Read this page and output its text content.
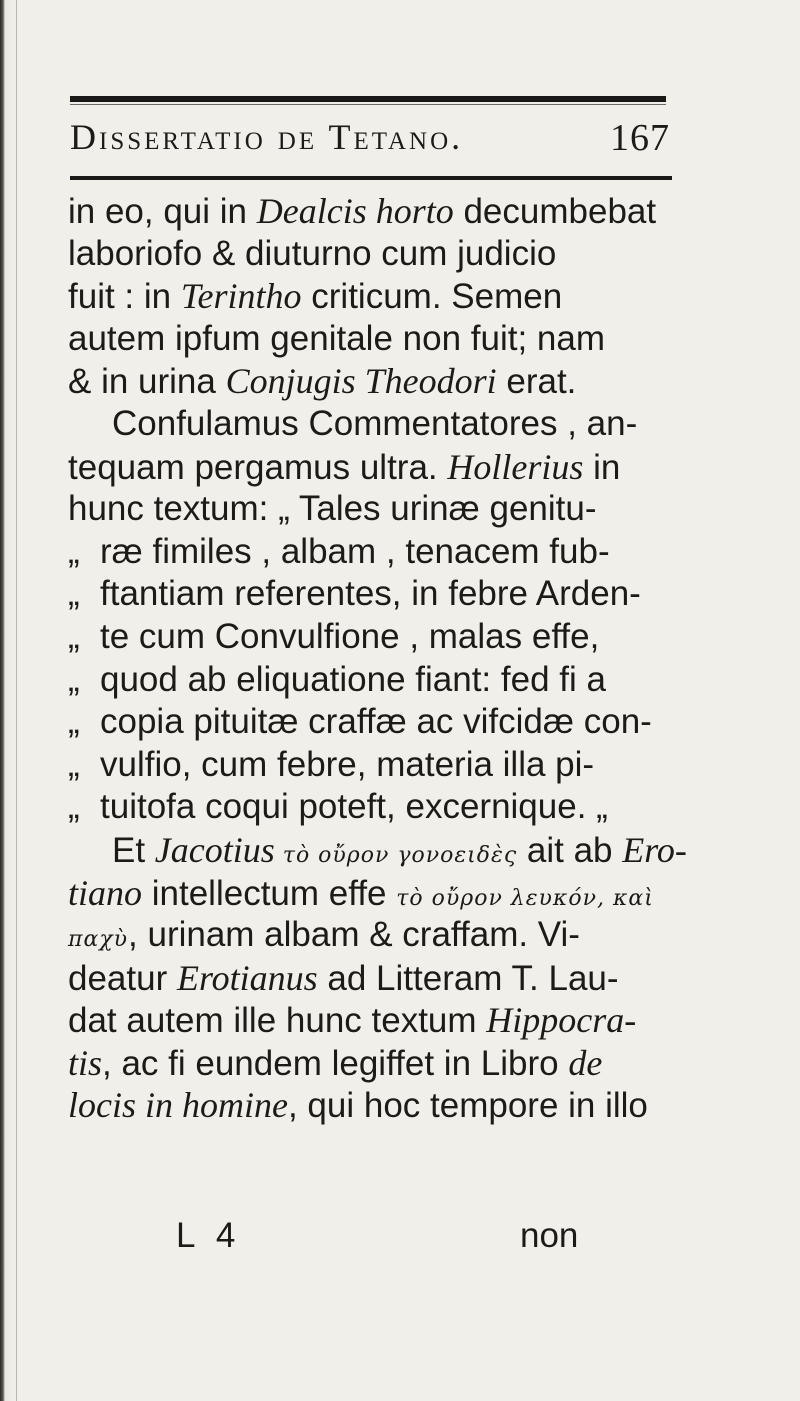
Dissertatio de Tetano.	167
in eo, qui in Dealcis horto decumbebat
laboriofo & diuturno cum judicio
fuit : in Terintho criticum. Semen
autem ipfum genitale non fuit; nam
& in urina Conjugis Theodori erat.
Confulamus Commentatores , an-
tequam pergamus ultra. Hollerius in
hunc textum: „ Tales urinæ genitu-
„ ræ fimiles , albam , tenacem fub-
„ ftantiam referentes, in febre Arden-
„ te cum Convulfione , malas effe,
„ quod ab eliquatione fiant: fed fi a
„ copia pituitæ craffæ ac vifcidæ con-
„ vulfio, cum febre, materia illa pi-
„ tuitofa coqui poteft, excernique. „
Et Jacotius τὸ οὔρον γονοειδὲς ait ab Ero-
tiano intellectum effe τὸ οὔρον λευκόν, καὶ
παχὺ, urinam albam & craffam. Vi-
deatur Erotianus ad Litteram T. Lau-
dat autem ille hunc textum Hippocra-
tis, ac fi eundem legiffet in Libro de
locis in homine, qui hoc tempore in illo
L 4	non
